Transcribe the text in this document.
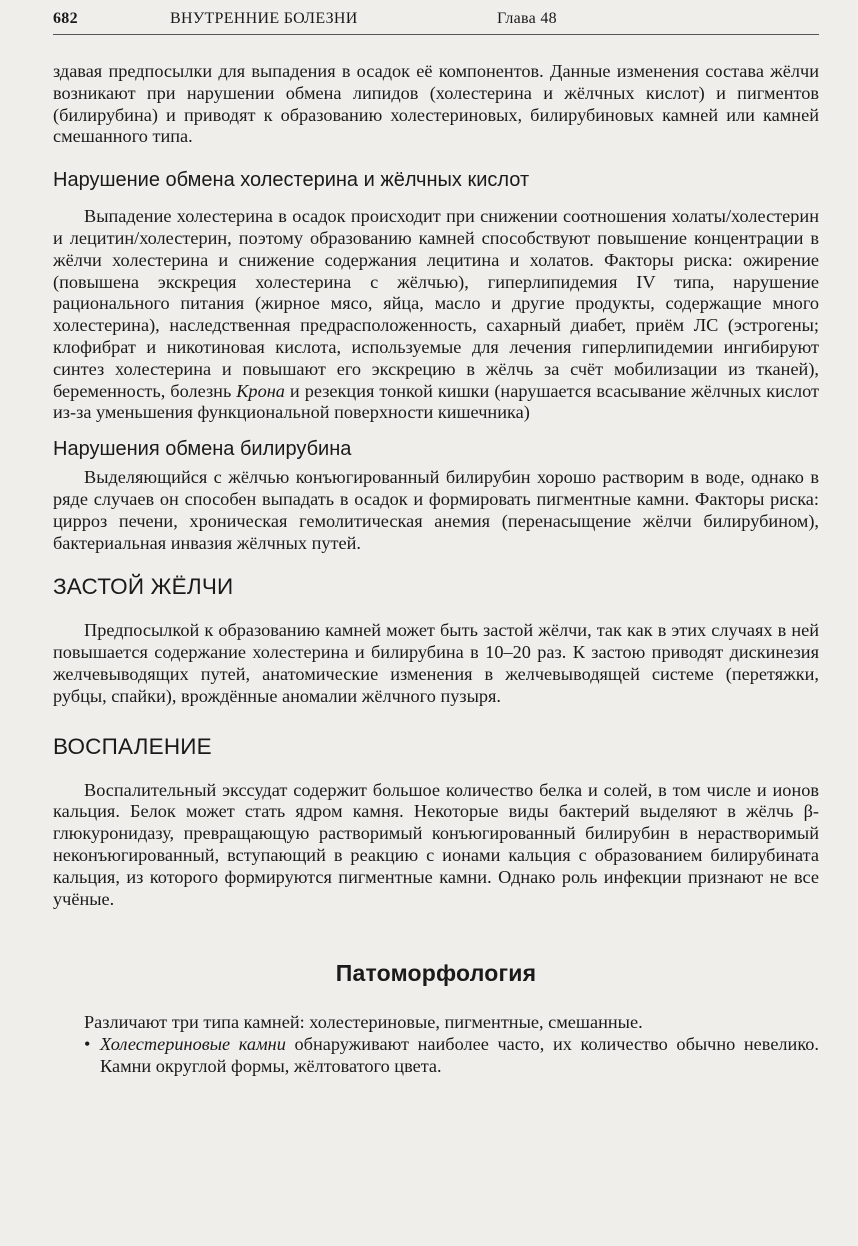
682	ВНУТРЕННИЕ БОЛЕЗНИ	Глава 48

здавая предпосылки для выпадения в осадок её компонентов. Данные изменения состава жёлчи возникают при нарушении обмена липидов (холестерина и жёлчных кислот) и пигментов (билирубина) и приводят к образованию холестериновых, билирубиновых камней или камней смешанного типа.

Нарушение обмена холестерина и жёлчных кислот

Выпадение холестерина в осадок происходит при снижении соотношения холаты/холестерин и лецитин/холестерин, поэтому образованию камней способствуют повышение концентрации в жёлчи холестерина и снижение содержания лецитина и холатов. Факторы риска: ожирение (повышена экскреция холестерина с жёлчью), гиперлипидемия IV типа, нарушение рационального питания (жирное мясо, яйца, масло и другие продукты, содержащие много холестерина), наследственная предрасположенность, сахарный диабет, приём ЛС (эстрогены; клофибрат и никотиновая кислота, используемые для лечения гиперлипидемии ингибируют синтез холестерина и повышают его экскрецию в жёлчь за счёт мобилизации из тканей), беременность, болезнь Крона и резекция тонкой кишки (нарушается всасывание жёлчных кислот из-за уменьшения функциональной поверхности кишечника)

Нарушения обмена билирубина

Выделяющийся с жёлчью конъюгированный билирубин хорошо растворим в воде, однако в ряде случаев он способен выпадать в осадок и формировать пигментные камни. Факторы риска: цирроз печени, хроническая гемолитическая анемия (перенасыщение жёлчи билирубином), бактериальная инвазия жёлчных путей.

ЗАСТОЙ ЖЁЛЧИ

Предпосылкой к образованию камней может быть застой жёлчи, так как в этих случаях в ней повышается содержание холестерина и билирубина в 10–20 раз. К застою приводят дискинезия желчевыводящих путей, анатомические изменения в желчевыводящей системе (перетяжки, рубцы, спайки), врождённые аномалии жёлчного пузыря.

ВОСПАЛЕНИЕ

Воспалительный экссудат содержит большое количество белка и солей, в том числе и ионов кальция. Белок может стать ядром камня. Некоторые виды бактерий выделяют в жёлчь β-глюкуронидазу, превращающую растворимый конъюгированный билирубин в нерастворимый неконъюгированный, вступающий в реакцию с ионами кальция с образованием билирубината кальция, из которого формируются пигментные камни. Однако роль инфекции признают не все учёные.

Патоморфология

Различают три типа камней: холестериновые, пигментные, смешанные.

• Холестериновые камни обнаруживают наиболее часто, их количество обычно невелико. Камни округлой формы, жёлтоватого цвета.
